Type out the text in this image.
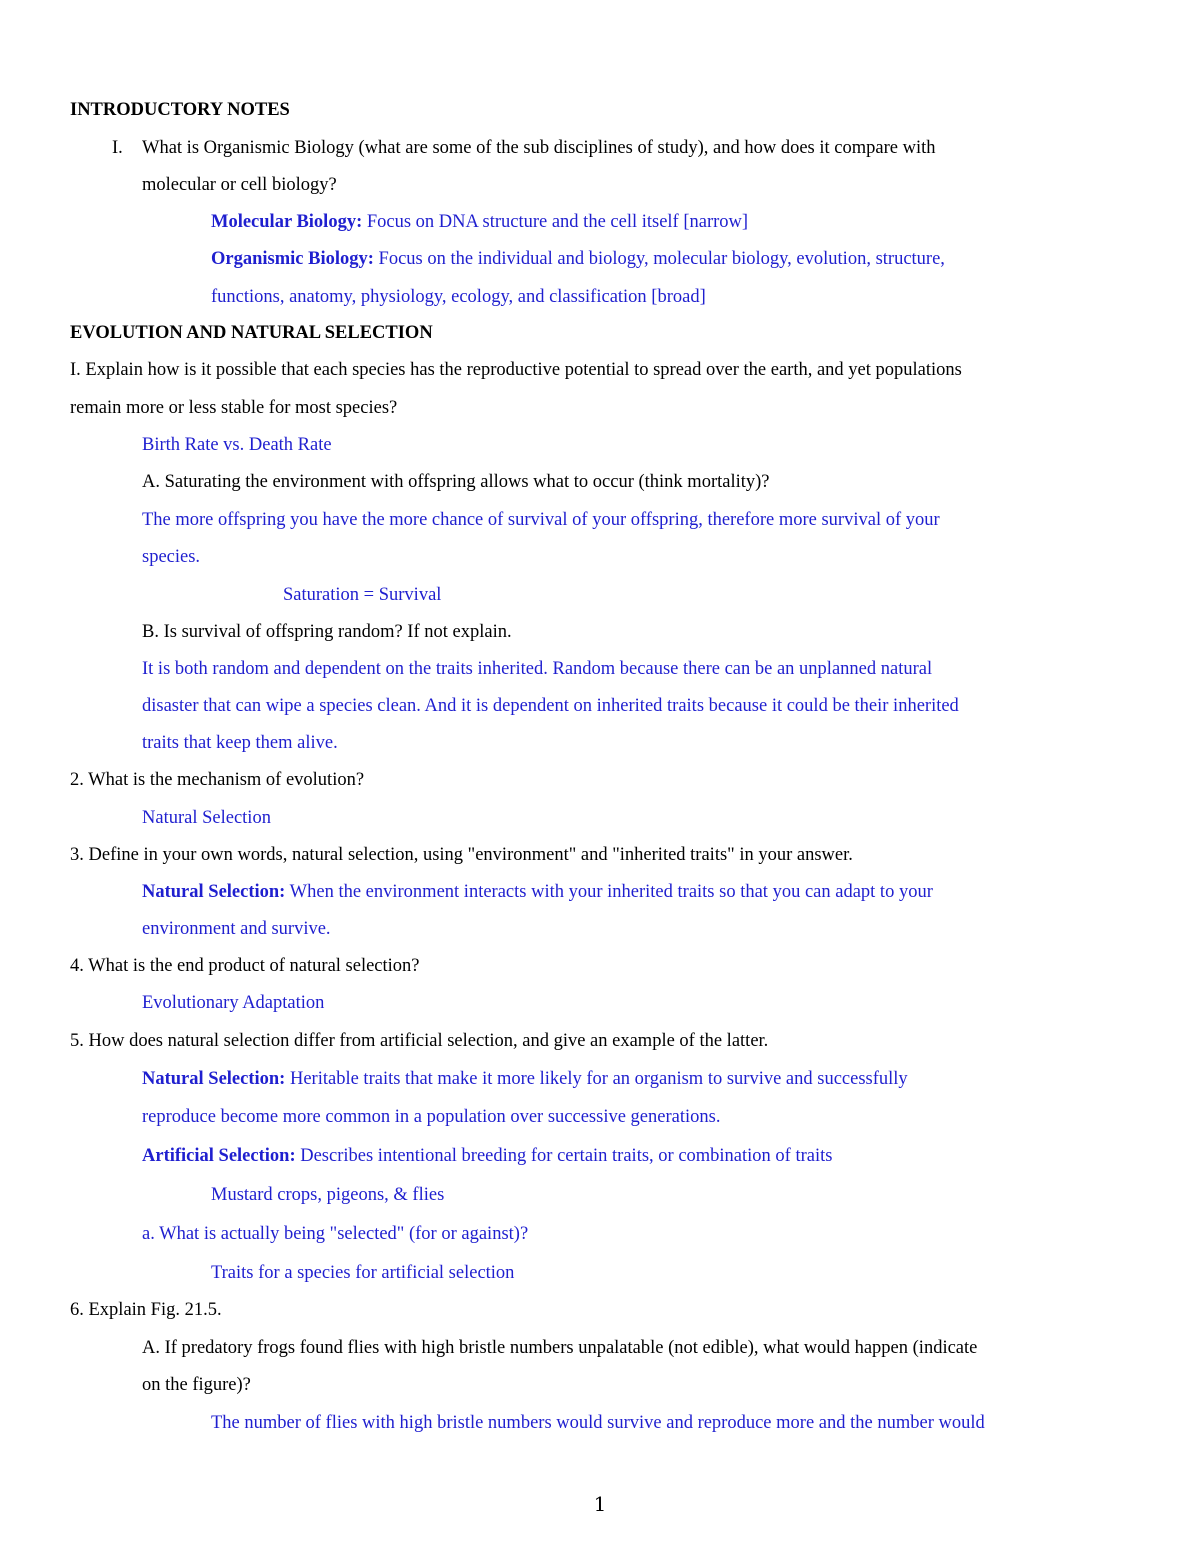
INTRODUCTORY NOTES
I. What is Organismic Biology (what are some of the sub disciplines of study), and how does it compare with
molecular or cell biology?
Molecular Biology: Focus on DNA structure and the cell itself [narrow]
Organismic Biology: Focus on the individual and biology, molecular biology, evolution, structure,
functions, anatomy, physiology, ecology, and classification [broad]
EVOLUTION AND NATURAL SELECTION
I. Explain how is it possible that each species has the reproductive potential to spread over the earth, and yet populations
remain more or less stable for most species?
Birth Rate vs. Death Rate
A. Saturating the environment with offspring allows what to occur (think mortality)?
The more offspring you have the more chance of survival of your offspring, therefore more survival of your
species.
Saturation = Survival
B. Is survival of offspring random? If not explain.
It is both random and dependent on the traits inherited. Random because there can be an unplanned natural
disaster that can wipe a species clean. And it is dependent on inherited traits because it could be their inherited
traits that keep them alive.
2. What is the mechanism of evolution?
Natural Selection
3. Define in your own words, natural selection, using "environment" and "inherited traits" in your answer.
Natural Selection: When the environment interacts with your inherited traits so that you can adapt to your
environment and survive.
4. What is the end product of natural selection?
Evolutionary Adaptation
5. How does natural selection differ from artificial selection, and give an example of the latter.
Natural Selection: Heritable traits that make it more likely for an organism to survive and successfully
reproduce become more common in a population over successive generations.
Artificial Selection: Describes intentional breeding for certain traits, or combination of traits
Mustard crops, pigeons, & flies
a. What is actually being "selected" (for or against)?
Traits for a species for artificial selection
6. Explain Fig. 21.5.
A. If predatory frogs found flies with high bristle numbers unpalatable (not edible), what would happen (indicate
on the figure)?
The number of flies with high bristle numbers would survive and reproduce more and the number would
1
